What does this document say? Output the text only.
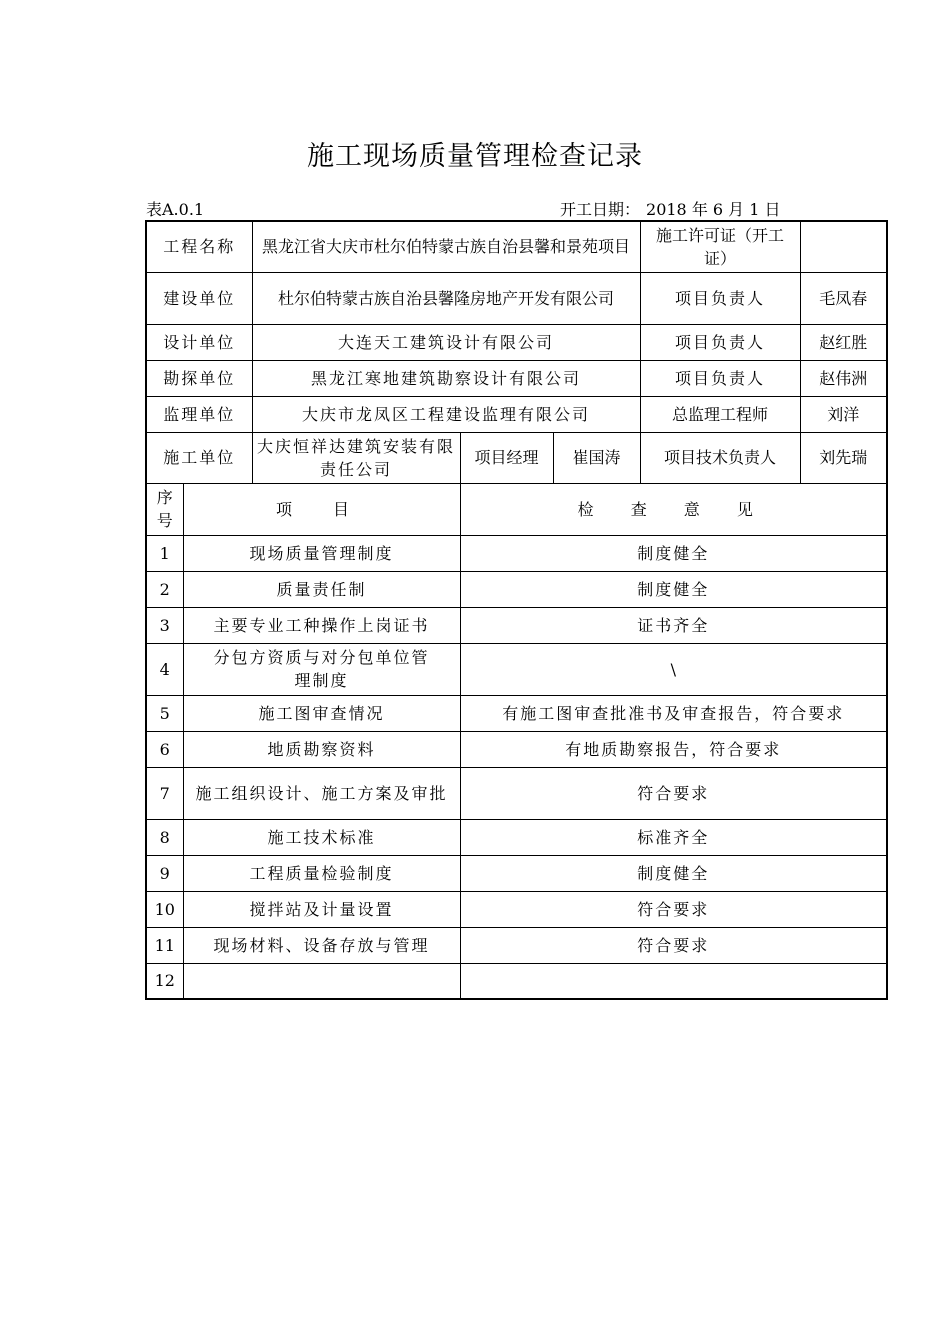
施工现场质量管理检查记录
表A.0.1	开工日期： 2018 年 6 月 1 日
工程名称		黑龙江省大庆市杜尔伯特蒙古族自治县馨和景苑项目			施工许可证（开工证）	
建设单位		杜尔伯特蒙古族自治县馨隆房地产开发有限公司			项目负责人	毛凤春
设计单位		大连天工建筑设计有限公司			项目负责人	赵红胜
勘探单位		黑龙江寒地建筑勘察设计有限公司			项目负责人	赵伟洲
监理单位		大庆市龙凤区工程建设监理有限公司			总监理工程师	刘洋
施工单位		大庆恒祥达建筑安装有限责任公司	项目经理	崔国涛	项目技术负责人	刘先瑞
序号	项 目		检 查 意 见			
1	现场质量管理制度		制度健全			
2	质量责任制		制度健全			
3	主要专业工种操作上岗证书		证书齐全			
4	分包方资质与对分包单位管理制度		\			
5	施工图审查情况		有施工图审查批准书及审查报告，符合要求			
6	地质勘察资料		有地质勘察报告，符合要求			
7	施工组织设计、施工方案及审批		符合要求			
8	施工技术标准		标准齐全			
9	工程质量检验制度		制度健全			
10	搅拌站及计量设置		符合要求			
11	现场材料、设备存放与管理		符合要求			
12						
